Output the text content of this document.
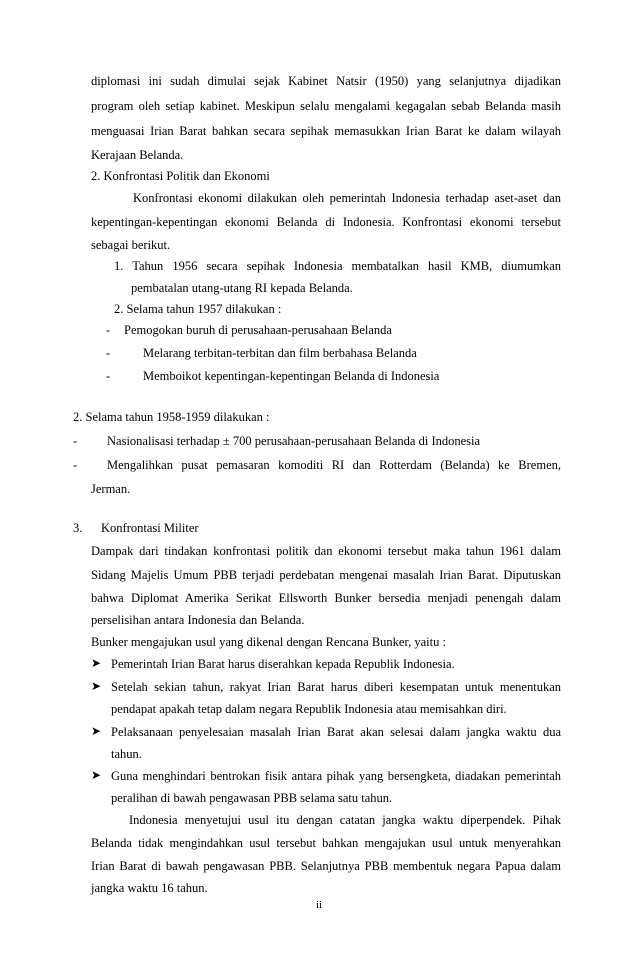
diplomasi ini sudah dimulai sejak Kabinet Natsir (1950) yang selanjutnya dijadikan
program oleh setiap kabinet. Meskipun selalu mengalami kegagalan sebab Belanda masih
menguasai Irian Barat bahkan secara sepihak memasukkan Irian Barat ke dalam wilayah
Kerajaan Belanda.
2. Konfrontasi Politik dan Ekonomi
Konfrontasi ekonomi dilakukan oleh pemerintah Indonesia terhadap aset-aset dan
kepentingan-kepentingan ekonomi Belanda di Indonesia. Konfrontasi ekonomi tersebut
sebagai berikut.
1. Tahun 1956 secara sepihak Indonesia membatalkan hasil KMB, diumumkan
pembatalan utang-utang RI kepada Belanda.
2. Selama tahun 1957 dilakukan :
- Pemogokan buruh di perusahaan-perusahaan Belanda
-	Melarang terbitan-terbitan dan film berbahasa Belanda
-	Memboikot kepentingan-kepentingan Belanda di Indonesia
2. Selama tahun 1958-1959 dilakukan :
- Nasionalisasi terhadap ± 700 perusahaan-perusahaan Belanda di Indonesia
- Mengalihkan pusat pemasaran komoditi RI dan Rotterdam (Belanda) ke Bremen,
Jerman.
3. Konfrontasi Militer
Dampak dari tindakan konfrontasi politik dan ekonomi tersebut maka tahun 1961 dalam
Sidang Majelis Umum PBB terjadi perdebatan mengenai masalah Irian Barat. Diputuskan
bahwa Diplomat Amerika Serikat Ellsworth Bunker bersedia menjadi penengah dalam
perselisihan antara Indonesia dan Belanda.
Bunker mengajukan usul yang dikenal dengan Rencana Bunker, yaitu :
➤ Pemerintah Irian Barat harus diserahkan kepada Republik Indonesia.
➤ Setelah sekian tahun, rakyat Irian Barat harus diberi kesempatan untuk menentukan
pendapat apakah tetap dalam negara Republik Indonesia atau memisahkan diri.
➤ Pelaksanaan penyelesaian masalah Irian Barat akan selesai dalam jangka waktu dua
tahun.
➤ Guna menghindari bentrokan fisik antara pihak yang bersengketa, diadakan pemerintah
peralihan di bawah pengawasan PBB selama satu tahun.
Indonesia menyetujui usul itu dengan catatan jangka waktu diperpendek. Pihak
Belanda tidak mengindahkan usul tersebut bahkan mengajukan usul untuk menyerahkan
Irian Barat di bawah pengawasan PBB. Selanjutnya PBB membentuk negara Papua dalam
jangka waktu 16 tahun.
ii
